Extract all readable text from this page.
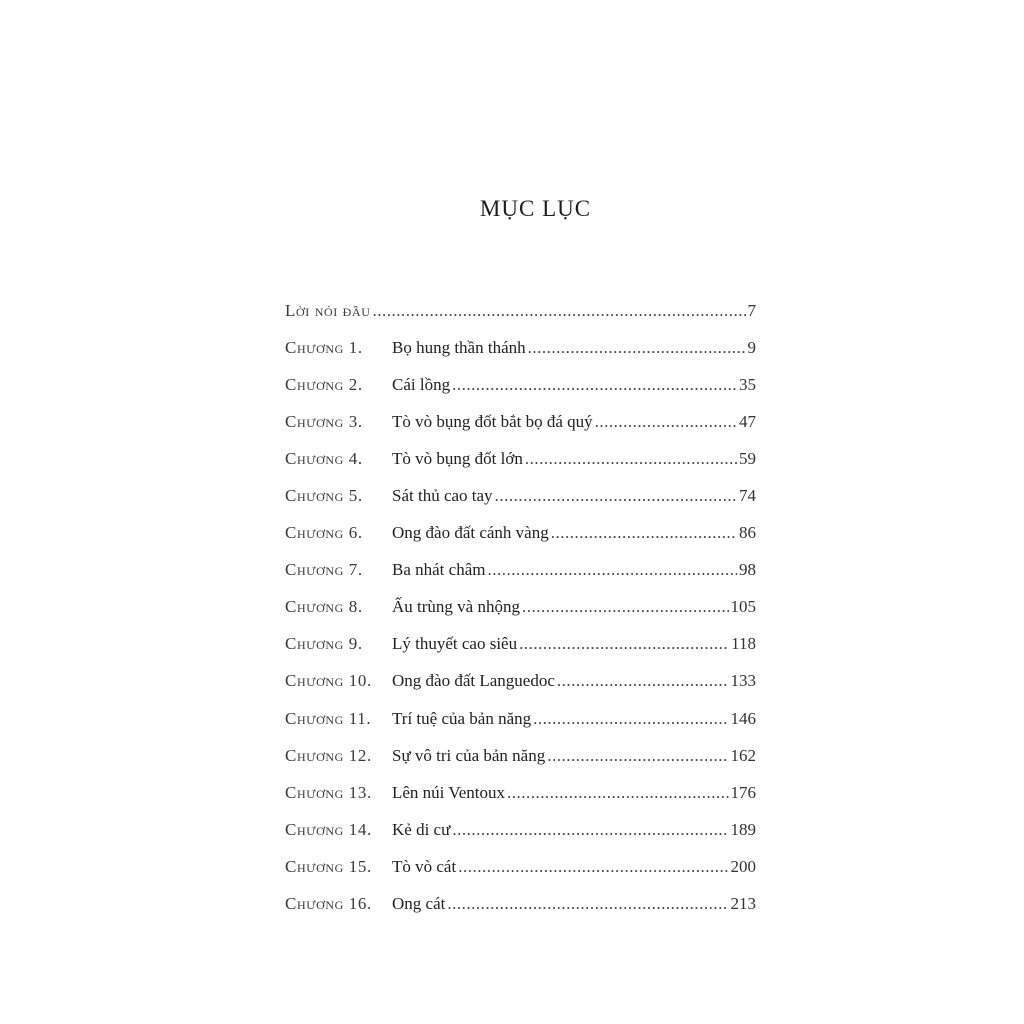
MỤC LỤC
Lời nói đầu .....	7
Chương 1.	Bọ hung thần thánh .....	9
Chương 2.	Cái lồng .....	35
Chương 3.	Tò vò bụng đốt bắt bọ đá quý .....	47
Chương 4.	Tò vò bụng đốt lớn .....	59
Chương 5.	Sát thủ cao tay .....	74
Chương 6.	Ong đào đất cánh vàng .....	86
Chương 7.	Ba nhát châm .....	98
Chương 8.	Ấu trùng và nhộng .....	105
Chương 9.	Lý thuyết cao siêu .....	118
Chương 10.	Ong đào đất Languedoc .....	133
Chương 11.	Trí tuệ của bản năng .....	146
Chương 12.	Sự vô tri của bản năng .....	162
Chương 13.	Lên núi Ventoux .....	176
Chương 14.	Kẻ di cư .....	189
Chương 15.	Tò vò cát .....	200
Chương 16.	Ong cát .....	213
